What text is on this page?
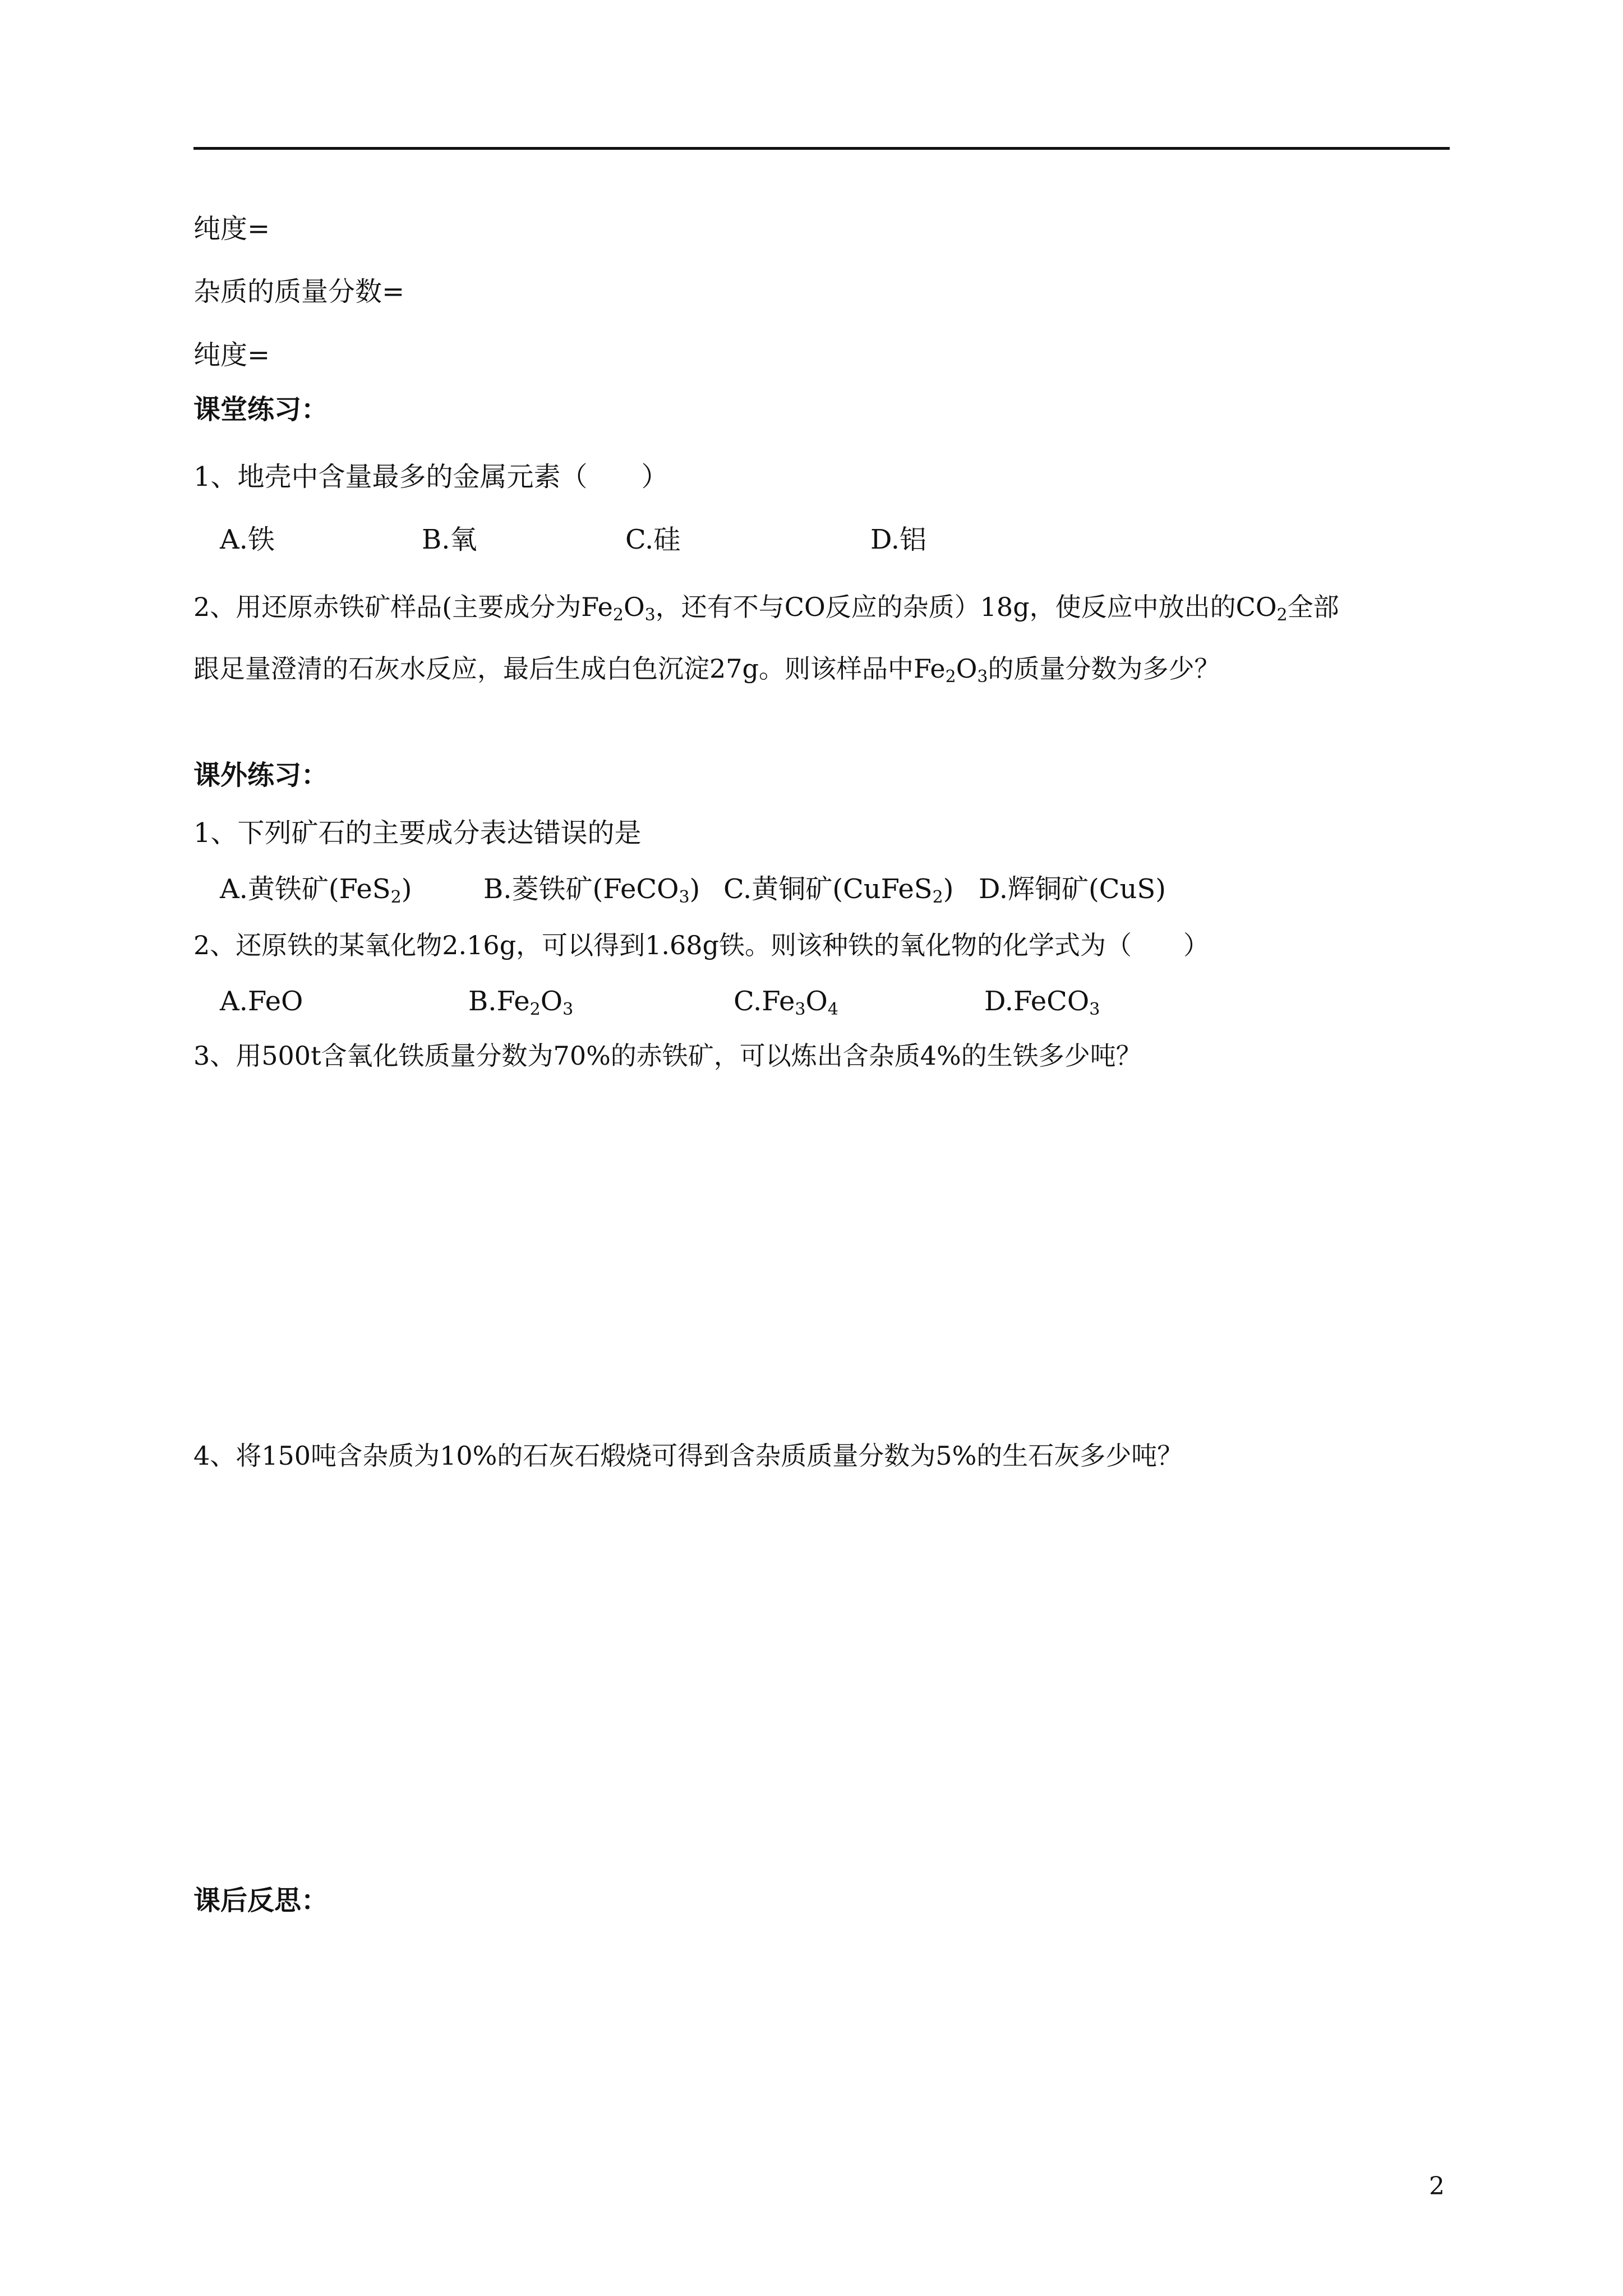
纯度=
杂质的质量分数=
纯度=
课堂练习：
1、地壳中含量最多的金属元素（　　）
A.铁	B.氧	C.硅	D.铝
2、用还原赤铁矿样品(主要成分为$Fe_2O_3$，还有不与CO反应的杂质）18g，使反应中放出的$CO_2$全部
跟足量澄清的石灰水反应，最后生成白色沉淀27g。则该样品中$Fe_2O_3$的质量分数为多少？
课外练习：
1、下列矿石的主要成分表达错误的是
A.黄铁矿(FeS$_2$)	B.菱铁矿(FeCO$_3$) C.黄铜矿(CuFeS$_2$) D.辉铜矿(CuS)
2、还原铁的某氧化物2.16g，可以得到1.68g铁。则该种铁的氧化物的化学式为（　　）
A.FeO	$B.Fe_2O_3$	$C.Fe_3O_4$	D.FeCO$_3$
3、用500t含氧化铁质量分数为70%的赤铁矿，可以炼出含杂质4%的生铁多少吨？
4、将150吨含杂质为10%的石灰石煅烧可得到含杂质质量分数为5%的生石灰多少吨？
课后反思：
2
